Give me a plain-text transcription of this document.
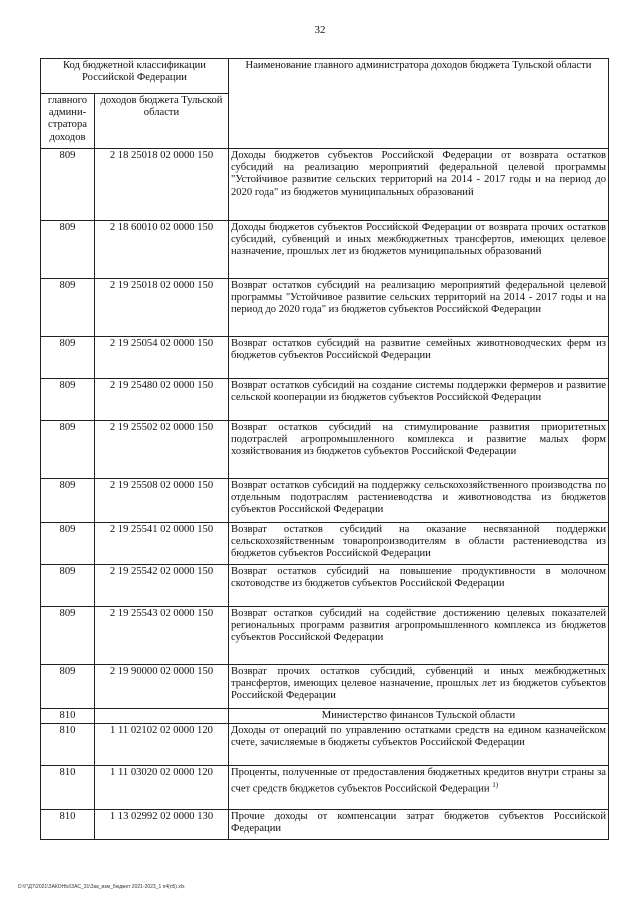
32
Код бюджетной классификации Российской Федерации		Наименование главного администратора доходов бюджета Тульской области
главного админи-стратора доходов	доходов бюджета Тульской области	
809	2 18 25018 02 0000 150	Доходы бюджетов субъектов Российской Федерации от возврата остатков субсидий на реализацию мероприятий федеральной целевой программы "Устойчивое развитие сельских территорий на 2014 - 2017 годы и на период до 2020 года" из бюджетов муниципальных образований
809	2 18 60010 02 0000 150	Доходы бюджетов субъектов Российской Федерации от возврата прочих остатков субсидий, субвенций и иных межбюджетных трансфертов, имеющих целевое назначение, прошлых лет из бюджетов муниципальных образований
809	2 19 25018 02 0000 150	Возврат остатков субсидий на реализацию мероприятий федеральной целевой программы "Устойчивое развитие сельских территорий на 2014 - 2017 годы и на период до 2020 года" из бюджетов субъектов Российской Федерации
809	2 19 25054 02 0000 150	Возврат остатков субсидий на развитие семейных животноводческих ферм из бюджетов субъектов Российской Федерации
809	2 19 25480 02 0000 150	Возврат остатков субсидий на создание системы поддержки фермеров и развитие сельской кооперации из бюджетов субъектов Российской Федерации
809	2 19 25502 02 0000 150	Возврат остатков субсидий на стимулирование развития приоритетных подотраслей агропромышленного комплекса и развитие малых форм хозяйствования из бюджетов субъектов Российской Федерации
809	2 19 25508 02 0000 150	Возврат остатков субсидий на поддержку сельскохозяйственного производства по отдельным подотраслям растениеводства и животноводства из бюджетов субъектов Российской Федерации
809	2 19 25541 02 0000 150	Возврат остатков субсидий на оказание несвязанной поддержки сельскохозяйственным товаропроизводителям в области растениеводства из бюджетов субъектов Российской Федерации
809	2 19 25542 02 0000 150	Возврат остатков субсидий на повышение продуктивности в молочном скотоводстве из бюджетов субъектов Российской Федерации
809	2 19 25543 02 0000 150	Возврат остатков субсидий на содействие достижению целевых показателей региональных программ развития агропромышленного комплекса из бюджетов субъектов Российской Федерации
809	2 19 90000 02 0000 150	Возврат прочих остатков субсидий, субвенций и иных межбюджетных трансфертов, имеющих целевое назначение, прошлых лет из бюджетов субъектов Российской Федерации
810		Министерство финансов Тульской области
810	1 11 02102 02 0000 120	Доходы от операций по управлению остатками средств на едином казначейском счете, зачисляемые в бюджеты субъектов Российской Федерации
810	1 11 03020 02 0000 120	Проценты, полученные от предоставления бюджетных кредитов внутри страны за счет средств бюджетов субъектов Российской Федерации $^{1)}$
810	1 13 02992 02 0000 130	Прочие доходы от компенсации затрат бюджетов субъектов Российской Федерации
D:\Г\Д7\2021\ЗАКОНЫ\ЗАС_31\Зак_изм_бюджет 2021-2023_1 п4(п5).xls
